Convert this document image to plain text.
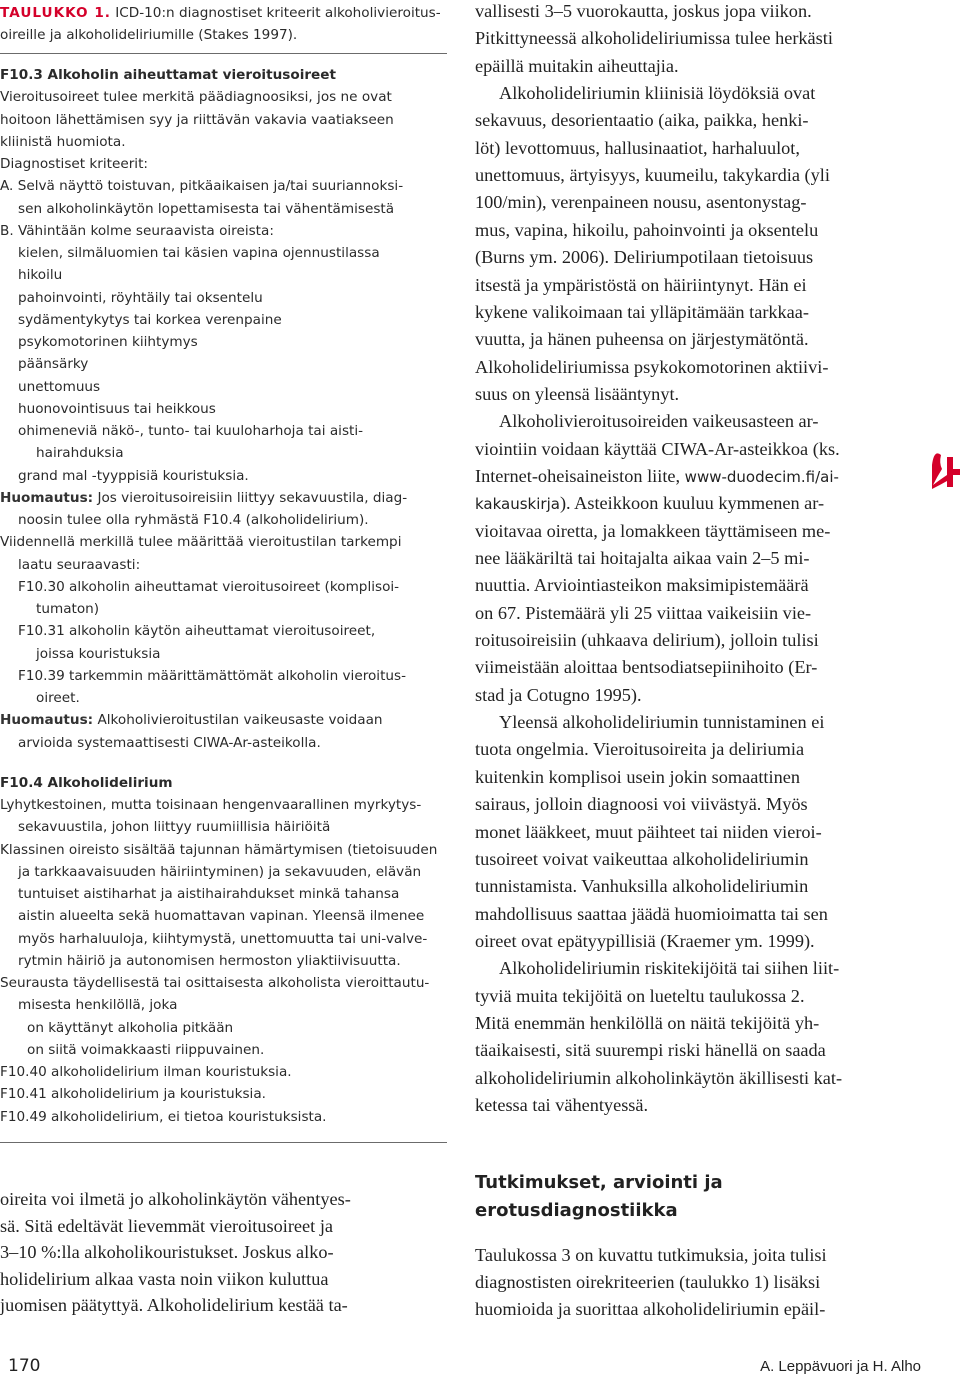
TAULUKKO 1. ICD-10:n diagnostiset kriteerit alkoholivieroitus-
oireille ja alkoholideliriumille (Stakes 1997).
F10.3 Alkoholin aiheuttamat vieroitusoireet
Vieroitusoireet tulee merkitä päädiagnoosiksi, jos ne ovat
hoitoon lähettämisen syy ja riittävän vakavia vaatiakseen
kliinistä huomiota.
Diagnostiset kriteerit:
A. Selvä näyttö toistuvan, pitkäaikaisen ja/tai suuriannoksi-
sen alkoholinkäytön lopettamisesta tai vähentämisestä
B. Vähintään kolme seuraavista oireista:
kielen, silmäluomien tai käsien vapina ojennustilassa
hikoilu
pahoinvointi, röyhtäily tai oksentelu
sydämentykytys tai korkea verenpaine
psykomotorinen kiihtymys
päänsärky
unettomuus
huonovointisuus tai heikkous
ohimeneviä näkö-, tunto- tai kuuloharhoja tai aisti-
hairahduksia
grand mal -tyyppisiä kouristuksia.
Huomautus: Jos vieroitusoireisiin liittyy sekavuustila, diag-
noosin tulee olla ryhmästä F10.4 (alkoholidelirium).
Viidennellä merkillä tulee määrittää vieroitustilan tarkempi
laatu seuraavasti:
F10.30 alkoholin aiheuttamat vieroitusoireet (komplisoi-
tumaton)
F10.31 alkoholin käytön aiheuttamat vieroitusoireet,
joissa kouristuksia
F10.39 tarkemmin määrittämättömät alkoholin vieroitus-
oireet.
Huomautus: Alkoholivieroitustilan vaikeusaste voidaan
arvioida systemaattisesti CIWA-Ar-asteikolla.
F10.4 Alkoholidelirium
Lyhytkestoinen, mutta toisinaan hengenvaarallinen myrkytys-
sekavuustila, johon liittyy ruumiillisia häiriöitä
Klassinen oireisto sisältää tajunnan hämärtymisen (tietoisuuden
ja tarkkaavaisuuden häiriintyminen) ja sekavuuden, elävän
tuntuiset aistiharhat ja aistihairahdukset minkä tahansa
aistin alueelta sekä huomattavan vapinan. Yleensä ilmenee
myös harhaluuloja, kiihtymystä, unettomuutta tai uni-valve-
rytmin häiriö ja autonomisen hermoston yliaktiivisuutta.
Seurausta täydellisestä tai osittaisesta alkoholista vieroittautu-
misesta henkilöllä, joka
on käyttänyt alkoholia pitkään
on siitä voimakkaasti riippuvainen.
F10.40 alkoholidelirium ilman kouristuksia.
F10.41 alkoholidelirium ja kouristuksia.
F10.49 alkoholidelirium, ei tietoa kouristuksista.
oireita voi ilmetä jo alkoholinkäytön vähentyes-
sä. Sitä edeltävät lievemmät vieroitusoireet ja
3–10 %:lla alkoholikouristukset. Joskus alko-
holidelirium alkaa vasta noin viikon kuluttua
juomisen päätyttyä. Alkoholidelirium kestää ta-
vallisesti 3–5 vuorokautta, joskus jopa viikon.
Pitkittyneessä alkoholideliriumissa tulee herkästi
epäillä muitakin aiheuttajia.
Alkoholideliriumin kliinisiä löydöksiä ovat
sekavuus, desorientaatio (aika, paikka, henki-
löt) levottomuus, hallusinaatiot, harhaluulot,
unettomuus, ärtyisyys, kuumeilu, takykardia (yli
100/min), verenpaineen nousu, asentonystag-
mus, vapina, hikoilu, pahoinvointi ja oksentelu
(Burns ym. 2006). Deliriumpotilaan tietoisuus
itsestä ja ympäristöstä on häiriintynyt. Hän ei
kykene valikoimaan tai ylläpitämään tarkkaa-
vuutta, ja hänen puheensa on järjestymätöntä.
Alkoholideliriumissa psykokomotorinen aktiivi-
suus on yleensä lisääntynyt.
Alkoholivieroitusoireiden vaikeusasteen ar-
viointiin voidaan käyttää CIWA-Ar-asteikkoa (ks.
Internet-oheisaineiston liite, www-duodecim.fi/ai-
kakauskirja). Asteikkoon kuuluu kymmenen ar-
vioitavaa oiretta, ja lomakkeen täyttämiseen me-
nee lääkäriltä tai hoitajalta aikaa vain 2–5 mi-
nuuttia. Arviointiasteikon maksimipistemäärä
on 67. Pistemäärä yli 25 viittaa vaikeisiin vie-
roitusoireisiin (uhkaava delirium), jolloin tulisi
viimeistään aloittaa bentsodiatsepiinihoito (Er-
stad ja Cotugno 1995).
Yleensä alkoholideliriumin tunnistaminen ei
tuota ongelmia. Vieroitusoireita ja deliriumia
kuitenkin komplisoi usein jokin somaattinen
sairaus, jolloin diagnoosi voi viivästyä. Myös
monet lääkkeet, muut päihteet tai niiden vieroi-
tusoireet voivat vaikeuttaa alkoholideliriumin
tunnistamista. Vanhuksilla alkoholideliriumin
mahdollisuus saattaa jäädä huomioimatta tai sen
oireet ovat epätyypillisiä (Kraemer ym. 1999).
Alkoholideliriumin riskitekijöitä tai siihen liit-
tyviä muita tekijöitä on lueteltu taulukossa 2.
Mitä enemmän henkilöllä on näitä tekijöitä yh-
täaikaisesti, sitä suurempi riski hänellä on saada
alkoholideliriumin alkoholinkäytön äkillisesti kat-
ketessa tai vähentyessä.
Tutkimukset, arviointi ja
erotusdiagnostiikka
Taulukossa 3 on kuvattu tutkimuksia, joita tulisi
diagnostisten oirekriteerien (taulukko 1) lisäksi
huomioida ja suorittaa alkoholideliriumin epäil-
170	A. Leppävuori ja H. Alho
